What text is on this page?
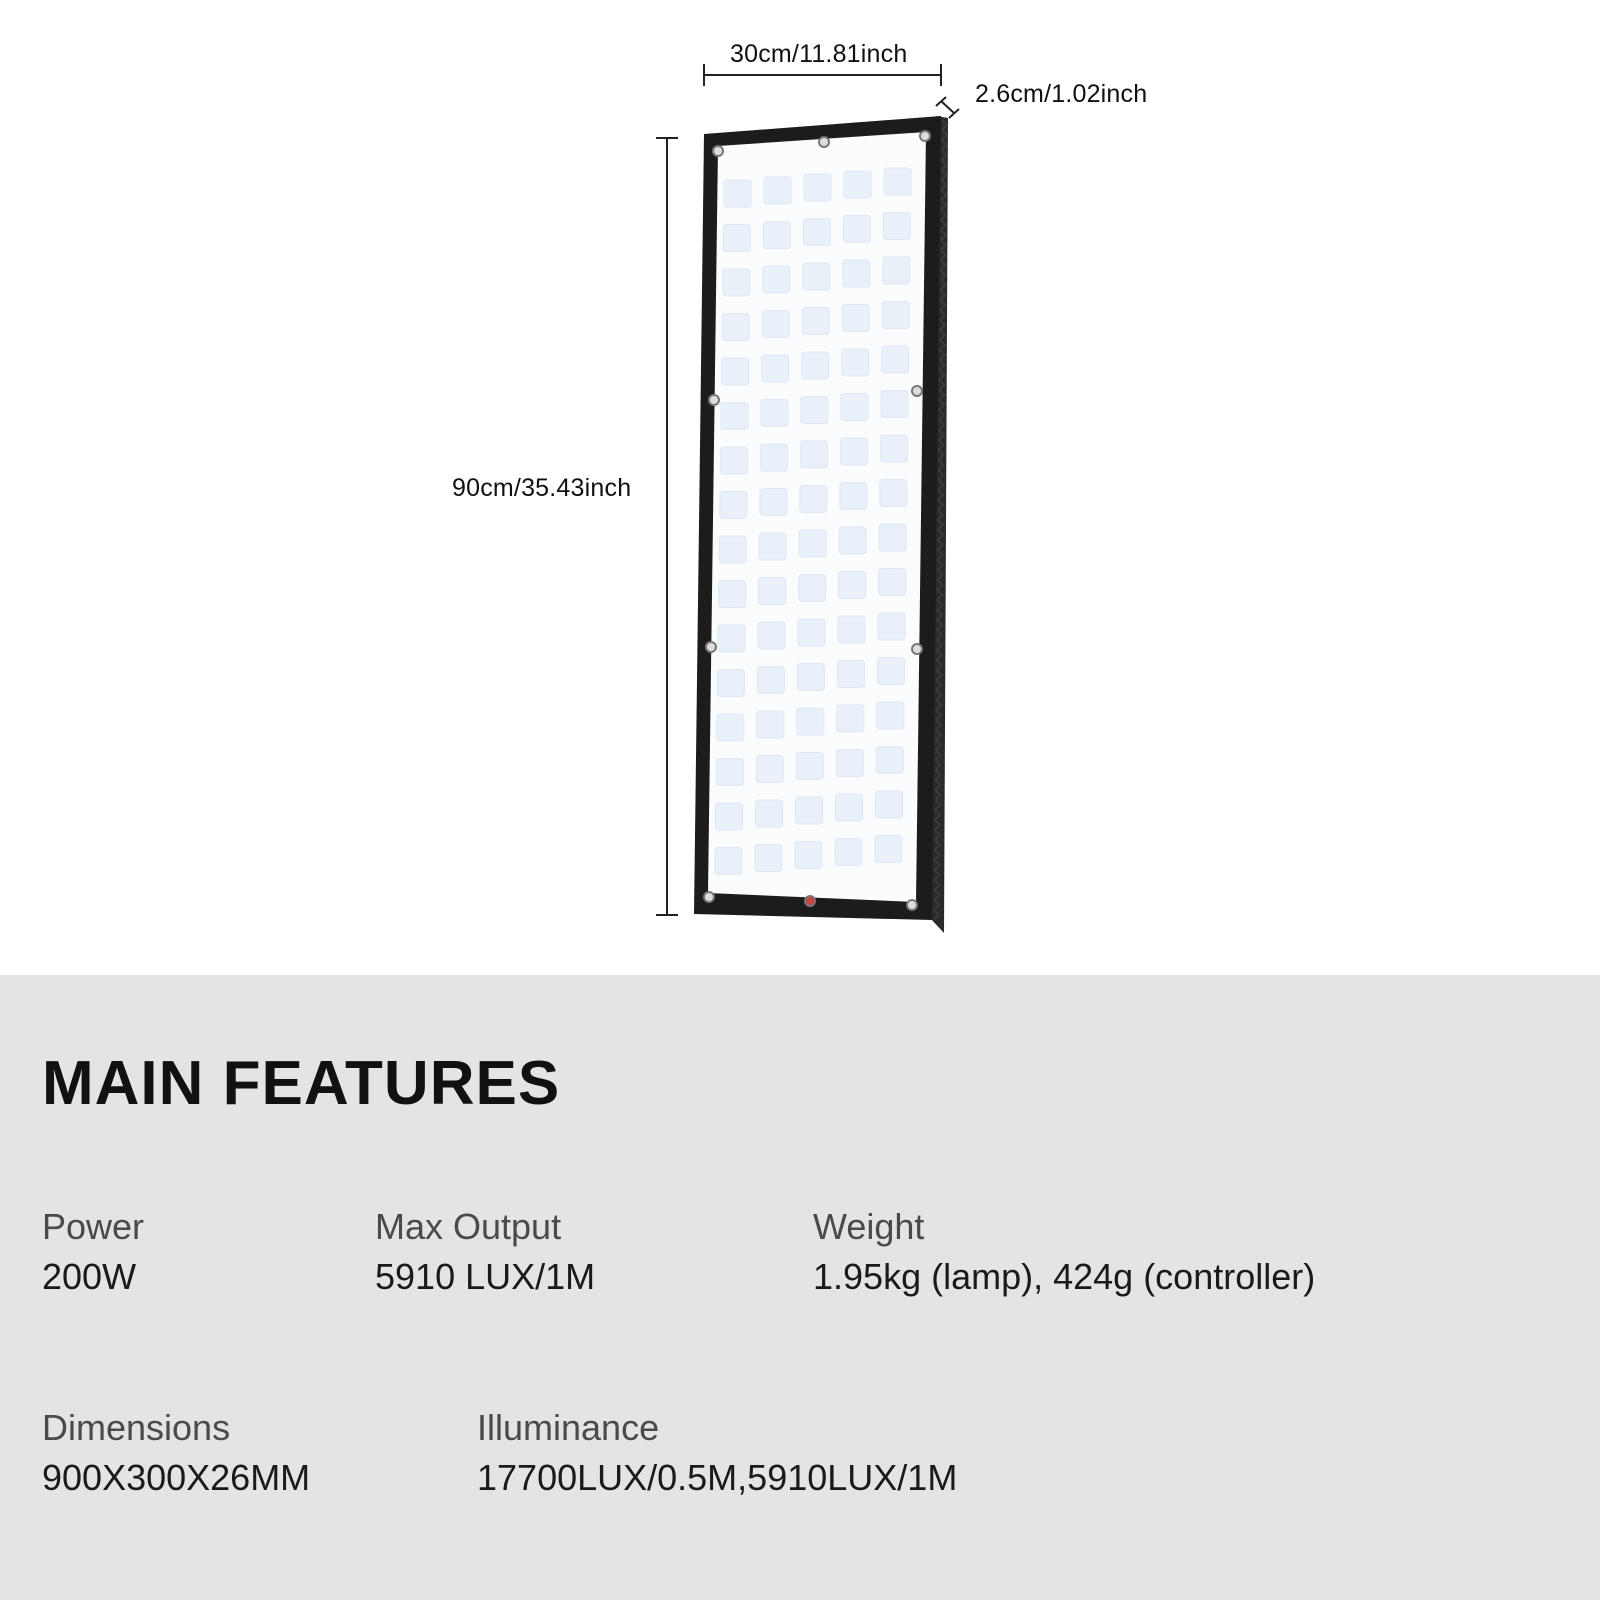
30cm/11.81inch
2.6cm/1.02inch
90cm/35.43inch
MAIN FEATURES
Power
200W
Max Output
5910 LUX/1M
Weight
1.95kg (lamp), 424g (controller)
Dimensions
900X300X26MM
Illuminance
17700LUX/0.5M,5910LUX/1M
